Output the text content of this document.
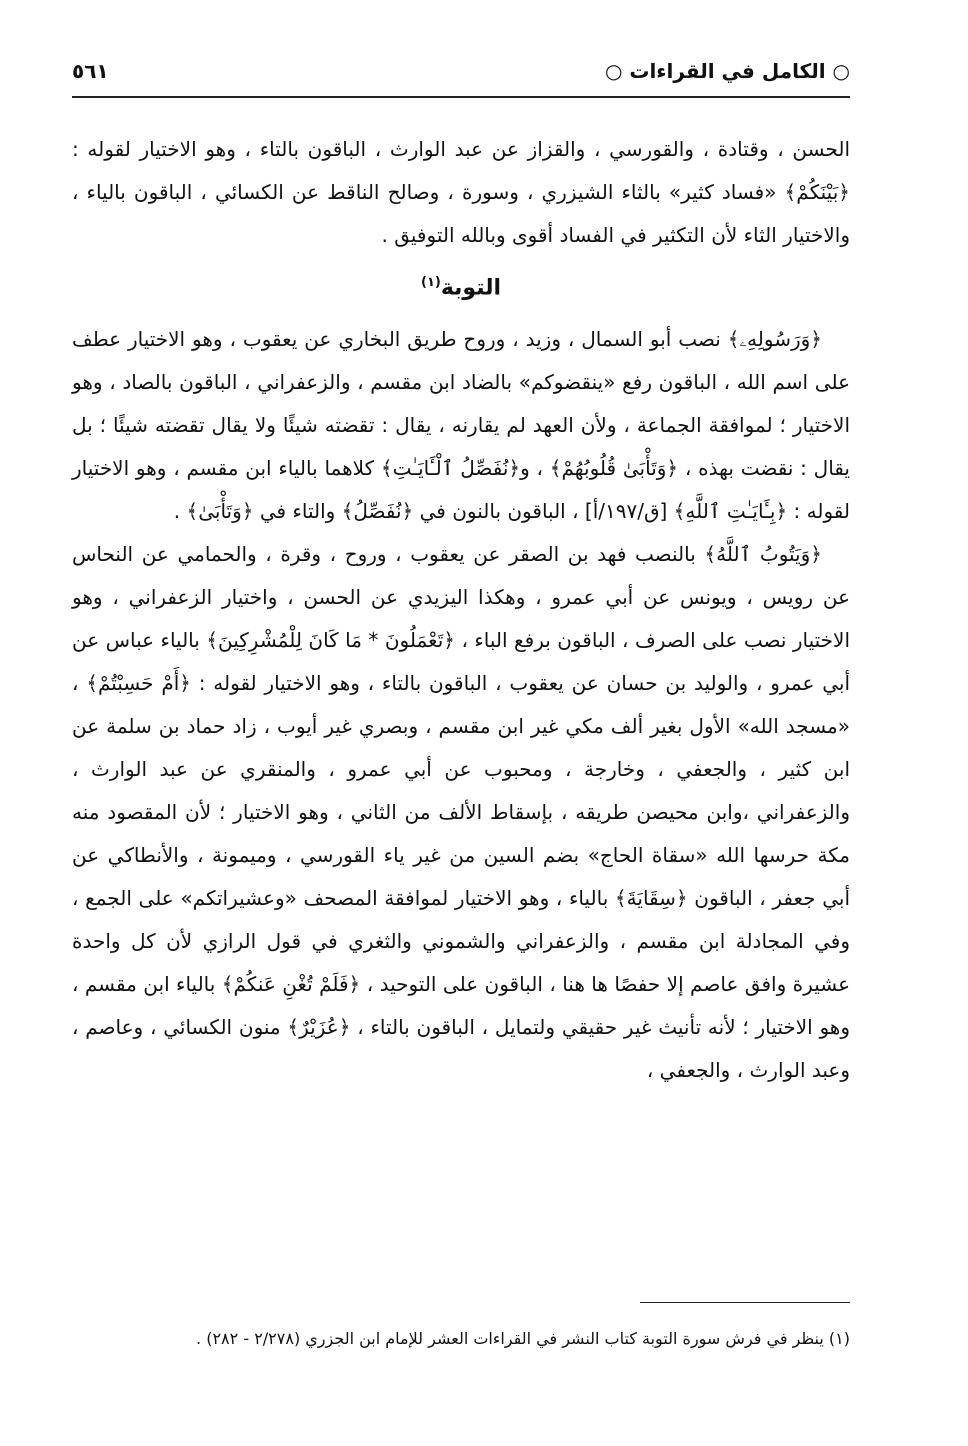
○ الكامل في القراءات ○
٥٦١

الحسن ، وقتادة ، والقورسي ، والقزاز عن عبد الوارث ، الباقون بالتاء ، وهو الاختيار لقوله : ﴿بَيْنَكُمْ﴾ «فساد كثير» بالثاء الشيزري ، وسورة ، وصالح الناقط عن الكسائي ، الباقون بالياء ، والاختيار الثاء لأن التكثير في الفساد أقوى وبالله التوفيق .

التوبة$^{(١)}$

﴿وَرَسُولِهِۦ﴾ نصب أبو السمال ، وزيد ، وروح طريق البخاري عن يعقوب ، وهو الاختيار عطف على اسم الله ، الباقون رفع «ينقضوكم» بالضاد ابن مقسم ، والزعفراني ، الباقون بالصاد ، وهو الاختيار ؛ لموافقة الجماعة ، ولأن العهد لم يقارنه ، يقال : تقضته شيئًا ولا يقال تقضته شيئًا ؛ بل يقال : نقضت بهذه ، ﴿وَتَأْبَىٰ قُلُوبُهُمْ﴾ ، و﴿نُفَصِّلُ ٱلْـَٔايَـٰتِ﴾ كلاهما بالياء ابن مقسم ، وهو الاختيار لقوله : ﴿بِـَٔايَـٰتِ ٱللَّهِ﴾ [ق/١٩٧/أ] ، الباقون بالنون في ﴿نُفَصِّلُ﴾ والتاء في ﴿وَتَأْبَىٰ﴾ .

﴿وَيَتُوبُ ٱللَّهُ﴾ بالنصب فهد بن الصقر عن يعقوب ، وروح ، وقرة ، والحمامي عن النحاس عن رويس ، ويونس عن أبي عمرو ، وهكذا اليزيدي عن الحسن ، واختيار الزعفراني ، وهو الاختيار نصب على الصرف ، الباقون برفع الباء ، ﴿تَعْمَلُونَ * مَا كَانَ لِلْمُشْرِكِينَ﴾ بالياء عباس عن أبي عمرو ، والوليد بن حسان عن يعقوب ، الباقون بالتاء ، وهو الاختيار لقوله : ﴿أَمْ حَسِبْتُمْ﴾ ، «مسجد الله» الأول بغير ألف مكي غير ابن مقسم ، وبصري غير أيوب ، زاد حماد بن سلمة عن ابن كثير ، والجعفي ، وخارجة ، ومحبوب عن أبي عمرو ، والمنقري عن عبد الوارث ، والزعفراني ،وابن محيصن طريقه ، بإسقاط الألف من الثاني ، وهو الاختيار ؛ لأن المقصود منه مكة حرسها الله «سقاة الحاج» بضم السين من غير ياء القورسي ، وميمونة ، والأنطاكي عن أبي جعفر ، الباقون ﴿سِقَايَةَ﴾ بالياء ، وهو الاختيار لموافقة المصحف «وعشيراتكم» على الجمع ، وفي المجادلة ابن مقسم ، والزعفراني والشموني والثغري في قول الرازي لأن كل واحدة عشيرة وافق عاصم إلا حفصًا ها هنا ، الباقون على التوحيد ، ﴿فَلَمْ تُغْنِ عَنكُمْ﴾ بالياء ابن مقسم ، وهو الاختيار ؛ لأنه تأنيث غير حقيقي ولتمايل ، الباقون بالتاء ، ﴿عُزَيْرٌ﴾ منون الكسائي ، وعاصم ، وعبد الوارث ، والجعفي ،

(١) ينظر في فرش سورة التوبة كتاب النشر في القراءات العشر للإمام ابن الجزري (٢/٢٧٨ - ٢٨٢) .
